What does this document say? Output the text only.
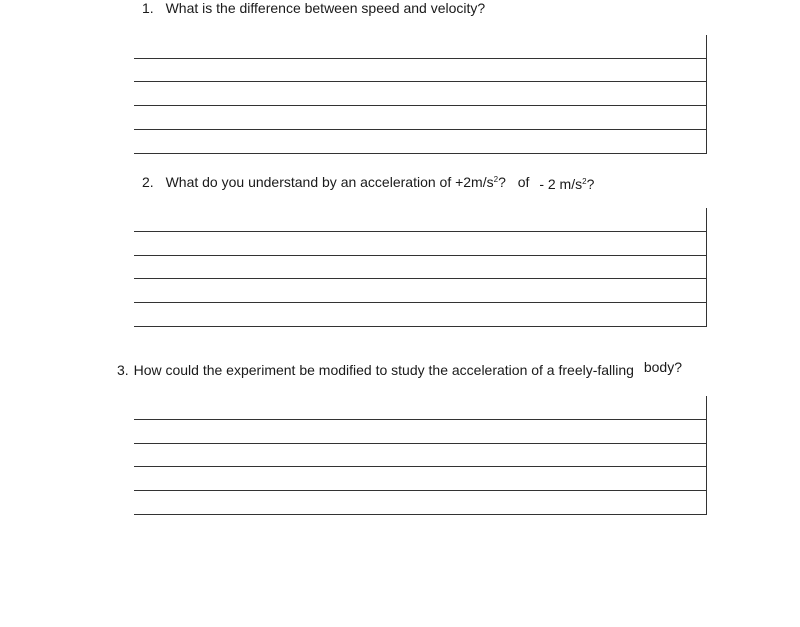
1. What is the difference between speed and velocity?
2. What do you understand by an acceleration of $+2m/s^2$? of - 2 $m/s^2$?
3. How could the experiment be modified to study the acceleration of a freely-falling body?
